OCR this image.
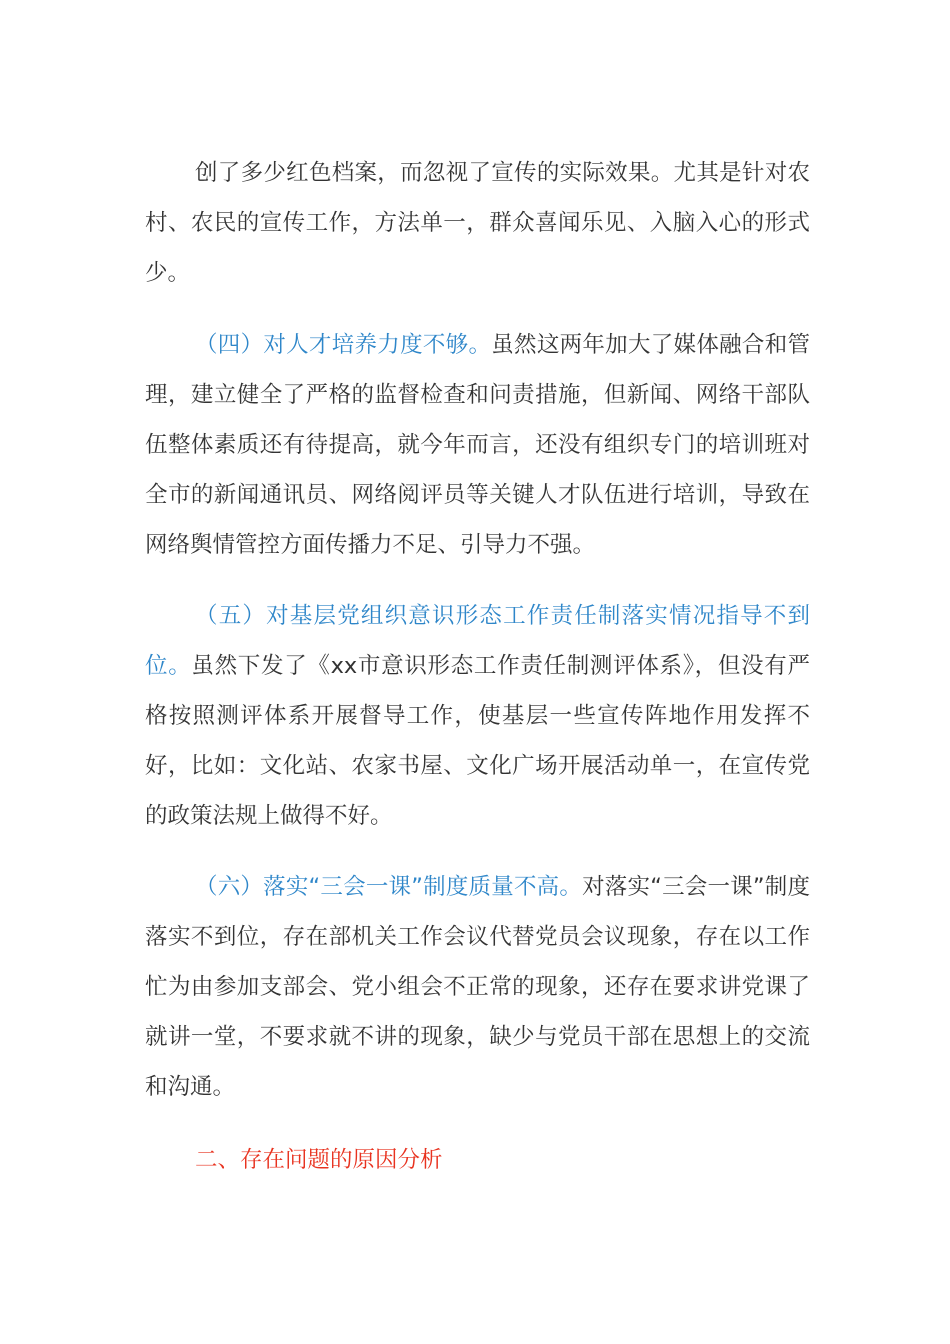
创了多少红色档案，而忽视了宣传的实际效果。尤其是针对农村、农民的宣传工作，方法单一，群众喜闻乐见、入脑入心的形式少。

（四）对人才培养力度不够。虽然这两年加大了媒体融合和管理，建立健全了严格的监督检查和问责措施，但新闻、网络干部队伍整体素质还有待提高，就今年而言，还没有组织专门的培训班对全市的新闻通讯员、网络阅评员等关键人才队伍进行培训，导致在网络舆情管控方面传播力不足、引导力不强。

（五）对基层党组织意识形态工作责任制落实情况指导不到位。虽然下发了《xx市意识形态工作责任制测评体系》，但没有严格按照测评体系开展督导工作，使基层一些宣传阵地作用发挥不好，比如：文化站、农家书屋、文化广场开展活动单一，在宣传党的政策法规上做得不好。

（六）落实“三会一课”制度质量不高。对落实“三会一课”制度落实不到位，存在部机关工作会议代替党员会议现象，存在以工作忙为由参加支部会、党小组会不正常的现象，还存在要求讲党课了就讲一堂，不要求就不讲的现象，缺少与党员干部在思想上的交流和沟通。

二、存在问题的原因分析
